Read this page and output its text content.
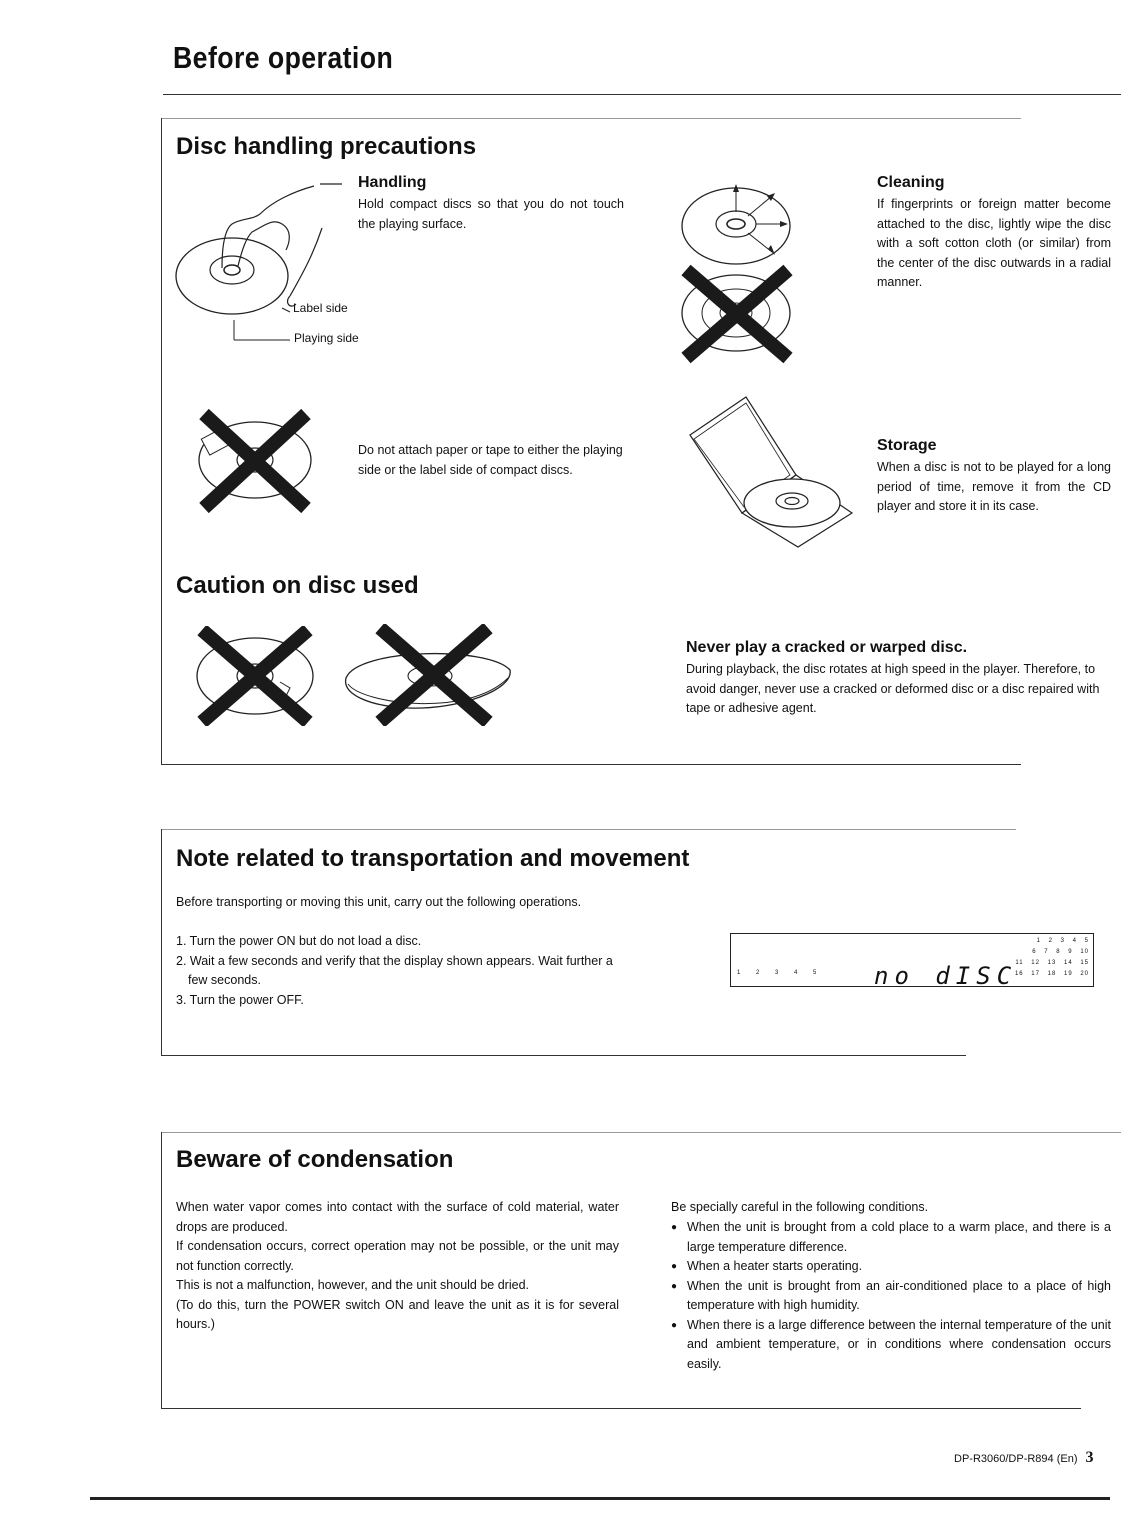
Before operation
Disc handling precautions
Label side
Playing side
Handling
Hold compact discs so that you do not touch the playing surface.
Do not attach paper or tape to either the playing side or the label side of compact discs.
Cleaning
If fingerprints or foreign matter become attached to the disc, lightly wipe the disc with a soft cotton cloth (or similar) from the center of the disc outwards in a radial manner.
Storage
When a disc is not to be played for a long period of time, remove it from the CD player and store it in its case.
Caution on disc used
Never play a cracked or warped disc.
During playback, the disc rotates at high speed in the player. Therefore, to avoid danger, never use a cracked or deformed disc or a disc repaired with tape or adhesive agent.
Note related to transportation and movement
Before transporting or moving this unit, carry out the following operations.
1. Turn the power ON but do not load a disc.
2. Wait a few seconds and verify that the display shown appears. Wait further a few seconds.
3. Turn the power OFF.
1 2 3 4 5 no dISC
1 2 3 4 5
6 7 8 9 10
11 12 13 14 15
16 17 18 19 20
Beware of condensation
When water vapor comes into contact with the surface of cold material, water drops are produced.
If condensation occurs, correct operation may not be possible, or the unit may not function correctly.
This is not a malfunction, however, and the unit should be dried.
(To do this, turn the POWER switch ON and leave the unit as it is for several hours.)
Be specially careful in the following conditions.
● When the unit is brought from a cold place to a warm place, and there is a large temperature difference.
● When a heater starts operating.
● When the unit is brought from an air-conditioned place to a place of high temperature with high humidity.
● When there is a large difference between the internal temperature of the unit and ambient temperature, or in conditions where condensation occurs easily.
DP-R3060/DP-R894 (En) 3
